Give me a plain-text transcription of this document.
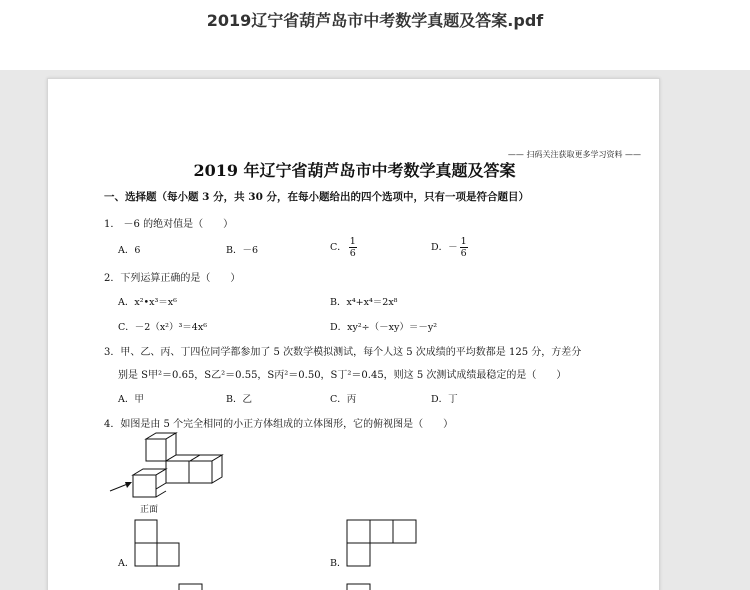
2019辽宁省葫芦岛市中考数学真题及答案.pdf
—— 扫码关注获取更多学习资料 ——
2019 年辽宁省葫芦岛市中考数学真题及答案
一、选择题（每小题 3 分，共 30 分，在每小题给出的四个选项中，只有一项是符合题目）
1． －6 的绝对值是（　　）
A．6	B．－6	C． $\frac{1}{6}$	D．－ $\frac{1}{6}$
2．下列运算正确的是（　　）
A．x²•x³＝x⁶	B．x⁴+x⁴＝2x⁸
C．－2（x²）³＝4x⁶	D．xy²÷（－xy）＝－y²
3．甲、乙、丙、丁四位同学都参加了 5 次数学模拟测试，每个人这 5 次成绩的平均数都是 125 分，方差分
别是 S甲²＝0.65，S乙²＝0.55，S丙²＝0.50，S丁²＝0.45，则这 5 次测试成绩最稳定的是（　　）
A．甲	B．乙	C．丙	D．丁
4．如图是由 5 个完全相同的小正方体组成的立体图形，它的俯视图是（　　）
正面
A．	B．
